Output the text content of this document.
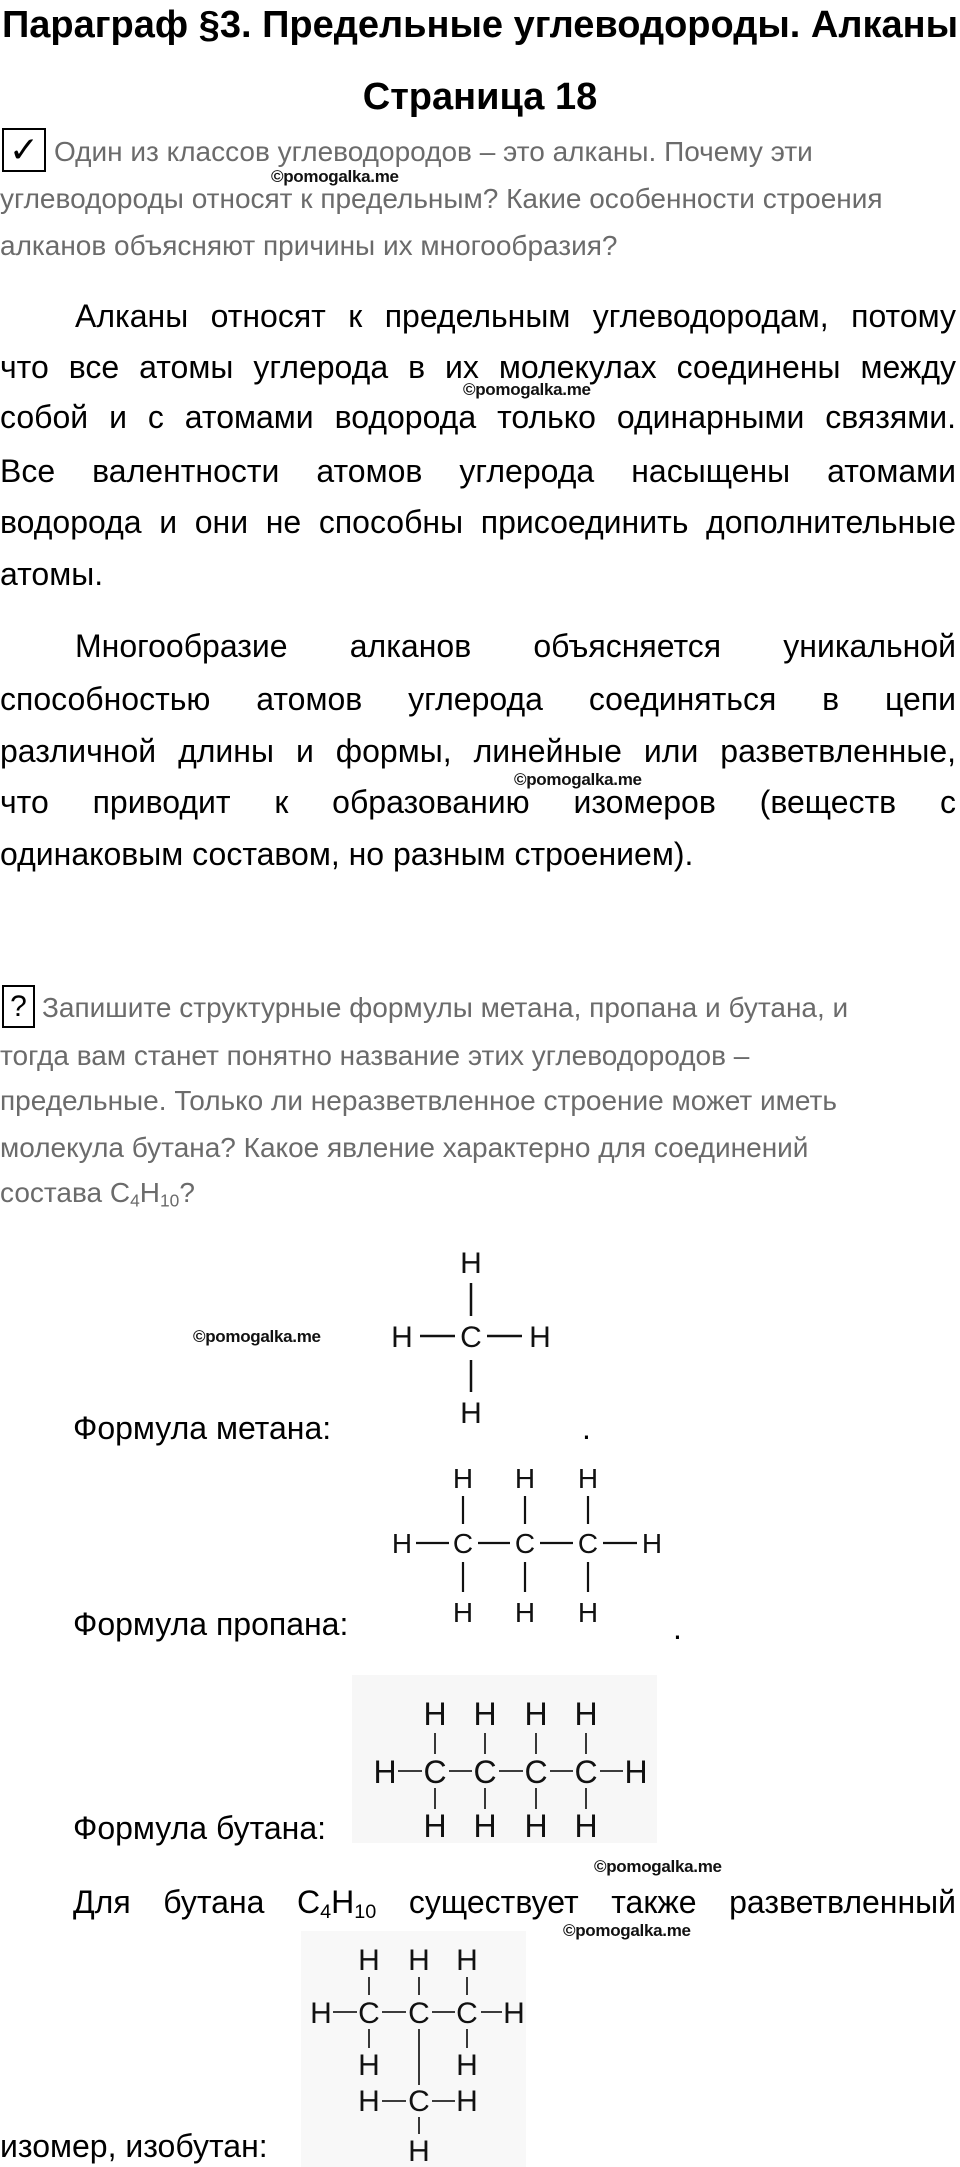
Параграф §3. Предельные углеводороды. Алканы
Страница 18
✓ Один из классов углеводородов – это алканы. Почему эти
углеводороды относят к предельным? Какие особенности строения
алканов объясняют причины их многообразия?
Алканы относят к предельным углеводородам, потому
что все атомы углерода в их молекулах соединены между
собой и с атомами водорода только одинарными связями.
Все валентности атомов углерода насыщены атомами
водорода и они не способны присоединить дополнительные
атомы.
Многообразие алканов объясняется уникальной
способностью атомов углерода соединяться в цепи
различной длины и формы, линейные или разветвленные,
что приводит к образованию изомеров (веществ с
одинаковым составом, но разным строением).
©pomogalka.me
©pomogalka.me
©pomogalka.me
? Запишите структурные формулы метана, пропана и бутана, и
тогда вам станет понятно название этих углеводородов –
предельные. Только ли неразветвленное строение может иметь
молекула бутана? Какое явление характерно для соединений
состава $C_4H_{10}$?
©pomogalka.me
H
H C H
H
Формула метана:	.
H H H
H C C C H
H H H
Формула пропана:	.
H H H H
H C C C C H
H H H H
Формула бутана:
©pomogalka.me
Для бутана $C_4H_{10}$ существует также разветвленный
©pomogalka.me
H H H
H C C C H
H	H
H C H
H
изомер, изобутан:
